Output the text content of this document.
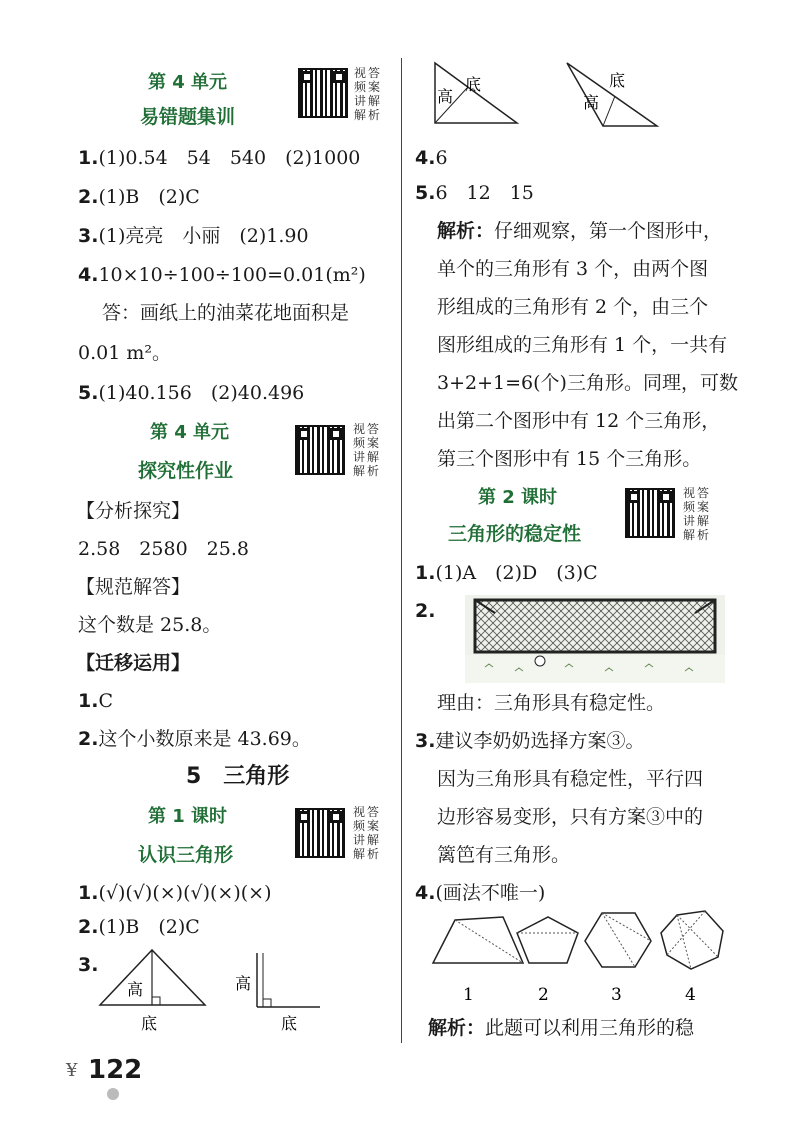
第 4 单元
易错题集训
视 答频 案讲 解解 析
1.(1)0.54　54　540　(2)1000
2.(1)B　(2)C
3.(1)亮亮　小丽　(2)1.90
4.10×10÷100÷100=0.01(m²)
答：画纸上的油菜花地面积是
0.01 m²。
5.(1)40.156　(2)40.496
第 4 单元
探究性作业
视 答频 案讲 解解 析
【分析探究】
2.58　2580　25.8
【规范解答】
这个数是 25.8。
【迁移运用】
1.C
2.这个小数原来是 43.69。
5　三角形
第 1 课时
认识三角形
视 答频 案讲 解解 析
1.(√)(√)(×)(√)(×)(×)
2.(1)B　(2)C
3.
高
底
高
底
底
高
底
高
4.6
5.6　12　15
解析：仔细观察，第一个图形中，
单个的三角形有 3 个，由两个图
形组成的三角形有 2 个，由三个
图形组成的三角形有 1 个，一共有
3+2+1=6(个)三角形。同理，可数
出第二个图形中有 12 个三角形，
第三个图形中有 15 个三角形。
第 2 课时
三角形的稳定性
视 答频 案讲 解解 析
1.(1)A　(2)D　(3)C
2.
理由：三角形具有稳定性。
3.建议李奶奶选择方案③。
因为三角形具有稳定性，平行四
边形容易变形，只有方案③中的
篱笆有三角形。
4.(画法不唯一)
1	2	3	4
解析：此题可以利用三角形的稳
¥ 122
